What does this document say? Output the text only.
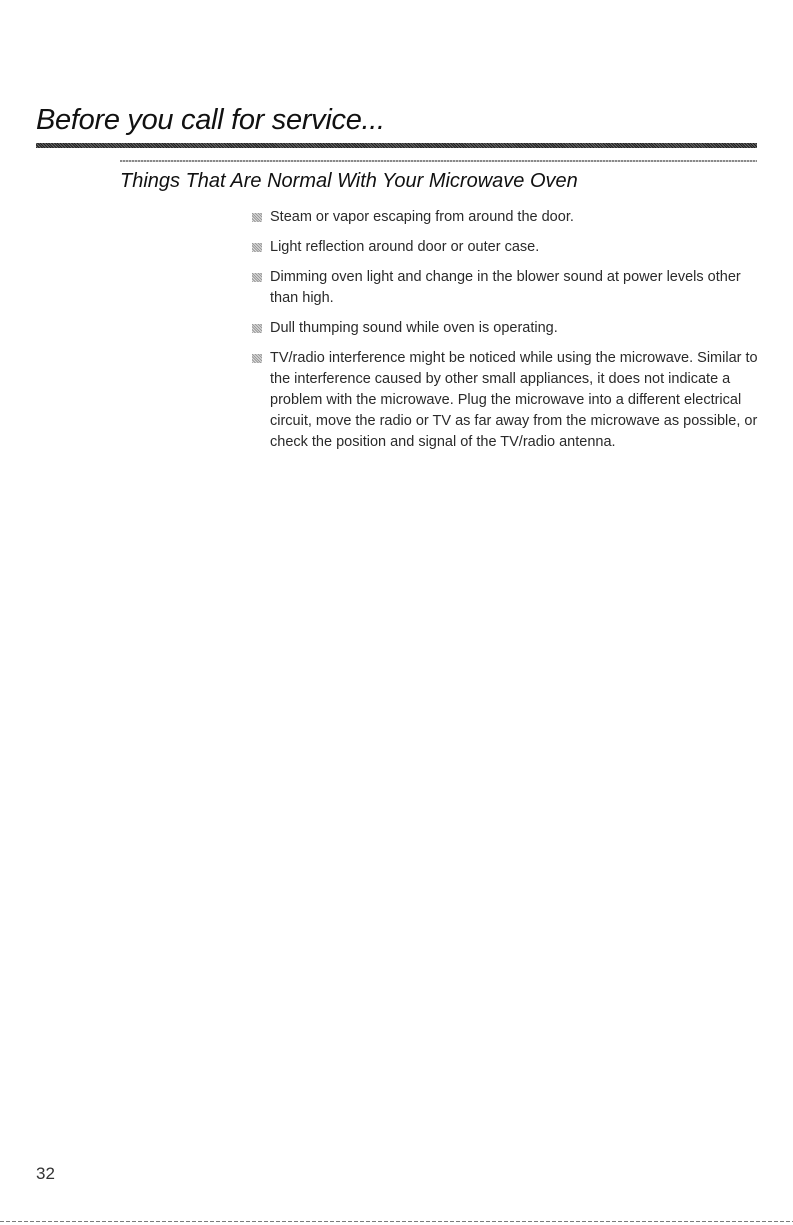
Before you call for service...
Things That Are Normal With Your Microwave Oven
Steam or vapor escaping from around the door.
Light reflection around door or outer case.
Dimming oven light and change in the blower sound at power levels other than high.
Dull thumping sound while oven is operating.
TV/radio interference might be noticed while using the microwave. Similar to the interference caused by other small appliances, it does not indicate a problem with the microwave. Plug the microwave into a different electrical circuit, move the radio or TV as far away from the microwave as possible, or check the position and signal of the TV/radio antenna.
32
